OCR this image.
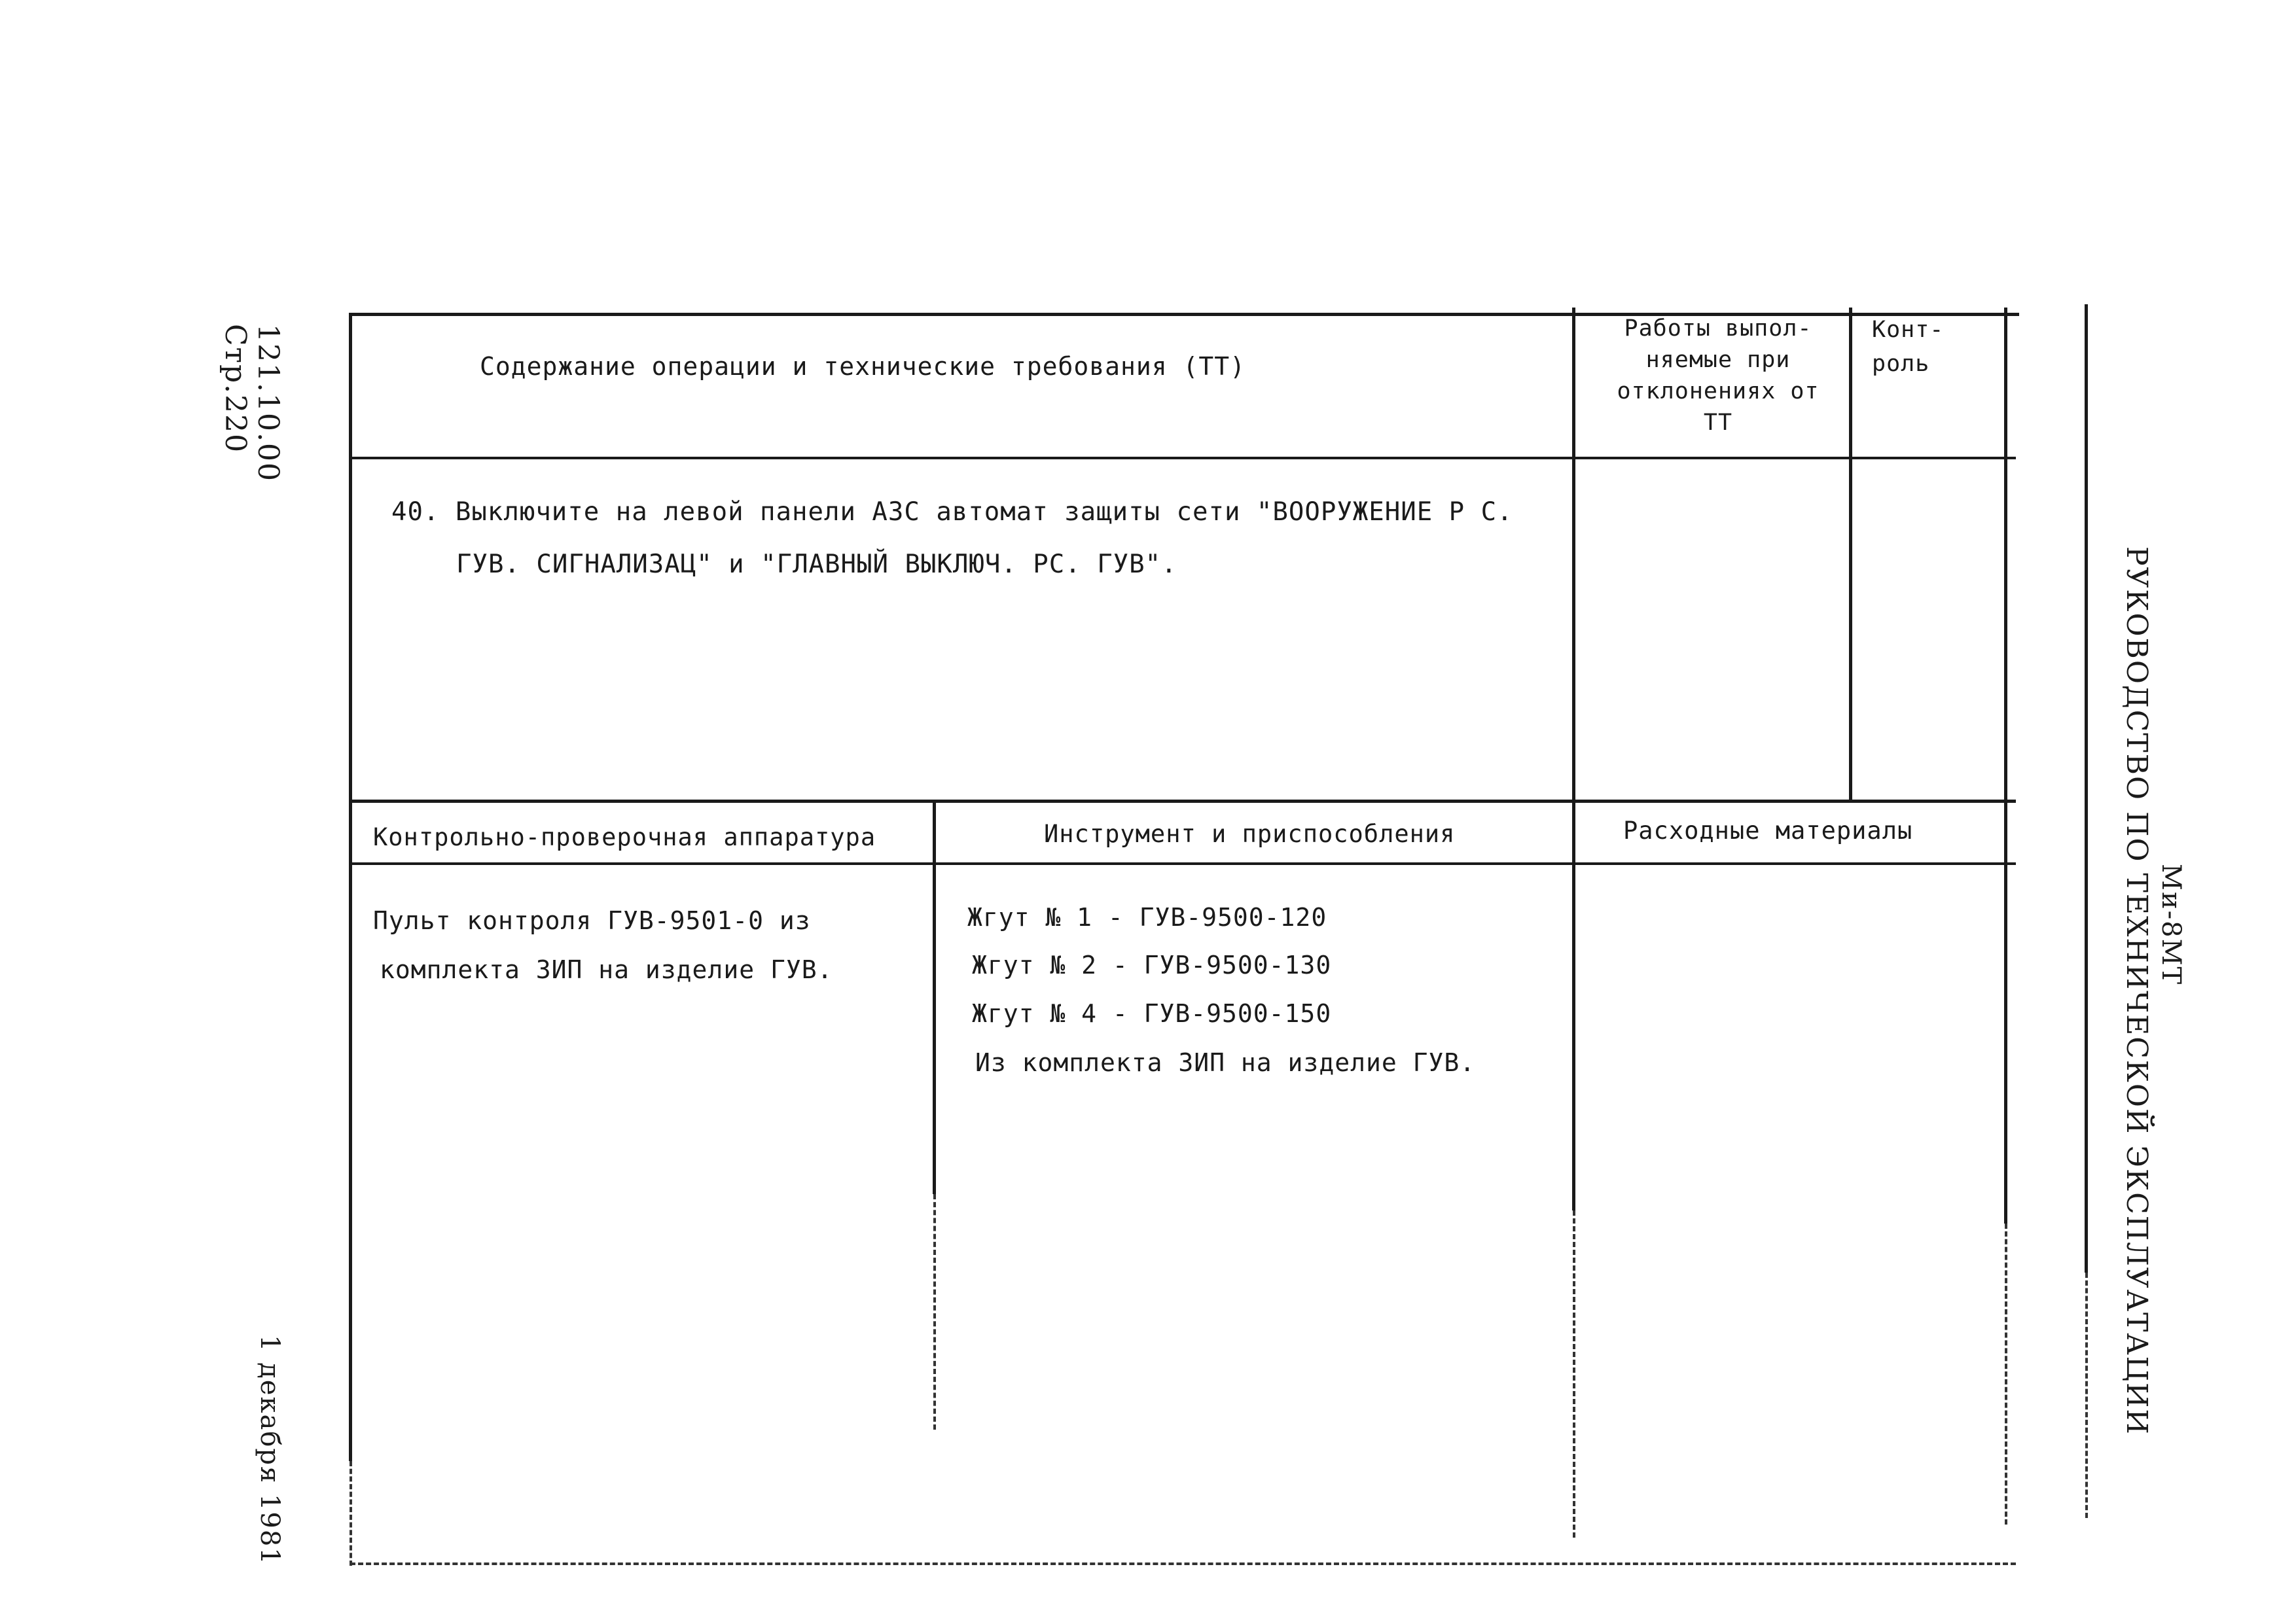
121.10.00
Стр.220
1 декабря 1981
РУКОВОДСТВО ПО ТЕХНИЧЕСКОЙ ЭКСПЛУАТАЦИИ Ми-8МТ
Содержание операции и технические требования (ТТ)
Работы выпол-
няемые при
отклонениях от
ТТ
Конт-
роль
40. Выключите на левой панели АЗС автомат защиты сети "ВООРУЖЕНИЕ Р С.
ГУВ. СИГНАЛИЗАЦ" и "ГЛАВНЫЙ ВЫКЛЮЧ. РС. ГУВ".
Контрольно-проверочная аппаратура	Инструмент и приспособления	Расходные материалы
Пульт контроля ГУВ-9501-0 из
комплекта ЗИП на изделие ГУВ.
Жгут № 1 - ГУВ-9500-120
Жгут № 2 - ГУВ-9500-130
Жгут № 4 - ГУВ-9500-150
Из комплекта ЗИП на изделие ГУВ.
